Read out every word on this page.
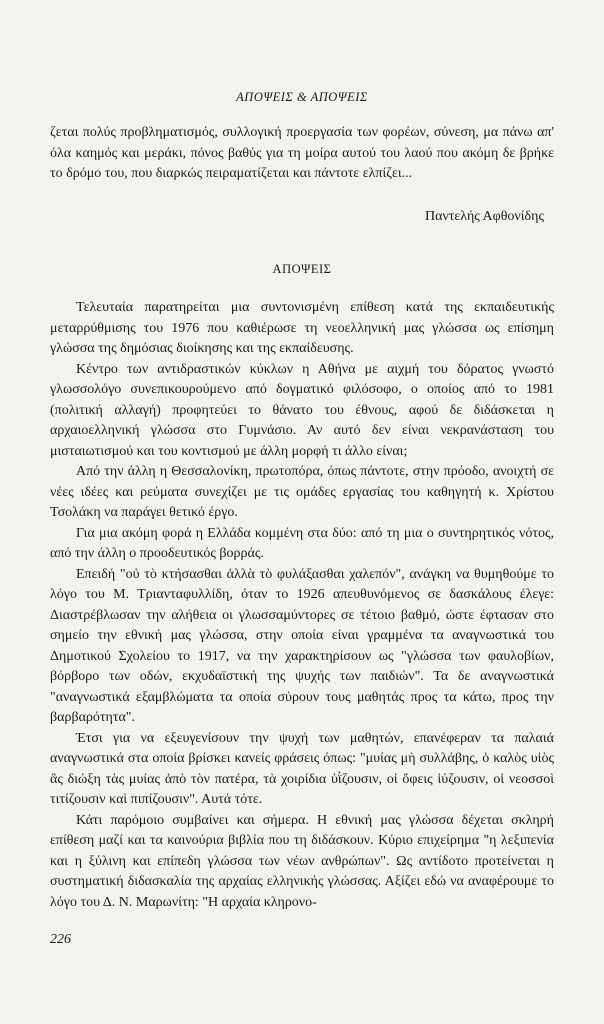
ΑΠΟΨΕΙΣ & ΑΠΟΨΕΙΣ

ζεται πολύς προβληματισμός, συλλογική προεργασία των φορέων, σύνεση, μα πάνω απ' όλα καημός και μεράκι, πόνος βαθύς για τη μοίρα αυτού του λαού που ακόμη δε βρήκε το δρόμο του, που διαρκώς πειραματίζεται και πάντοτε ελπίζει...

Παντελής Αφθονίδης
ΑΠΟΨΕΙΣ

Τελευταία παρατηρείται μια συντονισμένη επίθεση κατά της εκπαιδευτικής μεταρρύθμισης του 1976 που καθιέρωσε τη νεοελληνική μας γλώσσα ως επίσημη γλώσσα της δημόσιας διοίκησης και της εκπαίδευσης.

Κέντρο των αντιδραστικών κύκλων η Αθήνα με αιχμή του δόρατος γνωστό γλωσσολόγο συνεπικουρούμενο από δογματικό φιλόσοφο, ο οποίος από το 1981 (πολιτική αλλαγή) προφητεύει το θάνατο του έθνους, αφού δε διδάσκεται η αρχαιοελληνική γλώσσα στο Γυμνάσιο. Αν αυτό δεν είναι νεκρανάσταση του μισταιωτισμού και του κοντισμού με άλλη μορφή τι άλλο είναι;

Από την άλλη η Θεσσαλονίκη, πρωτοπόρα, όπως πάντοτε, στην πρόοδο, ανοιχτή σε νέες ιδέες και ρεύματα συνεχίζει με τις ομάδες εργασίας του καθηγητή κ. Χρίστου Τσολάκη να παράγει θετικό έργο.

Για μια ακόμη φορά η Ελλάδα κομμένη στα δύο: από τη μια ο συντηρητικός νότος, από την άλλη ο προοδευτικός βορράς.

Επειδή "οὐ τὸ κτήσασθαι ἀλλὰ τὸ φυλάξασθαι χαλεπόν", ανάγκη να θυμηθούμε το λόγο του Μ. Τριανταφυλλίδη, όταν το 1926 απευθυνόμενος σε δασκάλους έλεγε: Διαστρέβλωσαν την αλήθεια οι γλωσσαμύντορες σε τέτοιο βαθμό, ώστε έφτασαν στο σημείο την εθνική μας γλώσσα, στην οποία είναι γραμμένα τα αναγνωστικά του Δημοτικού Σχολείου το 1917, να την χαρακτηρίσουν ως "γλώσσα των φαυλοβίων, βόρβορο των οδών, εκχυδαϊστική της ψυχής των παιδιών". Τα δε αναγνωστικά "αναγνωστικά εξαμβλώματα τα οποία σύρουν τους μαθητάς προς τα κάτω, προς την βαρβαρότητα".

Έτσι για να εξευγενίσουν την ψυχή των μαθητών, επανέφεραν τα παλαιά αναγνωστικά στα οποία βρίσκει κανείς φράσεις όπως: "μυίας μὴ συλλάβης, ὁ καλὸς υἱὸς ἂς διώξη τὰς μυίας ἀπὸ τὸν πατέρα, τὰ χοιρίδια ὑῒζουσιν, οἱ ὄφεις ἰύζουσιν, οἱ νεοσσοὶ τιτίζουσιν καὶ πιπίζουσιν". Αυτά τότε.

Κάτι παρόμοιο συμβαίνει και σήμερα. Η εθνική μας γλώσσα δέχεται σκληρή επίθεση μαζί και τα καινούρια βιβλία που τη διδάσκουν. Κύριο επιχείρημα "η λεξιπενία και η ξύλινη και επίπεδη γλώσσα των νέων ανθρώπων". Ως αντίδοτο προτείνεται η συστηματική διδασκαλία της αρχαίας ελληνικής γλώσσας. Αξίζει εδώ να αναφέρουμε το λόγο του Δ. Ν. Μαρωνίτη: "Η αρχαία κληρονο-

226
